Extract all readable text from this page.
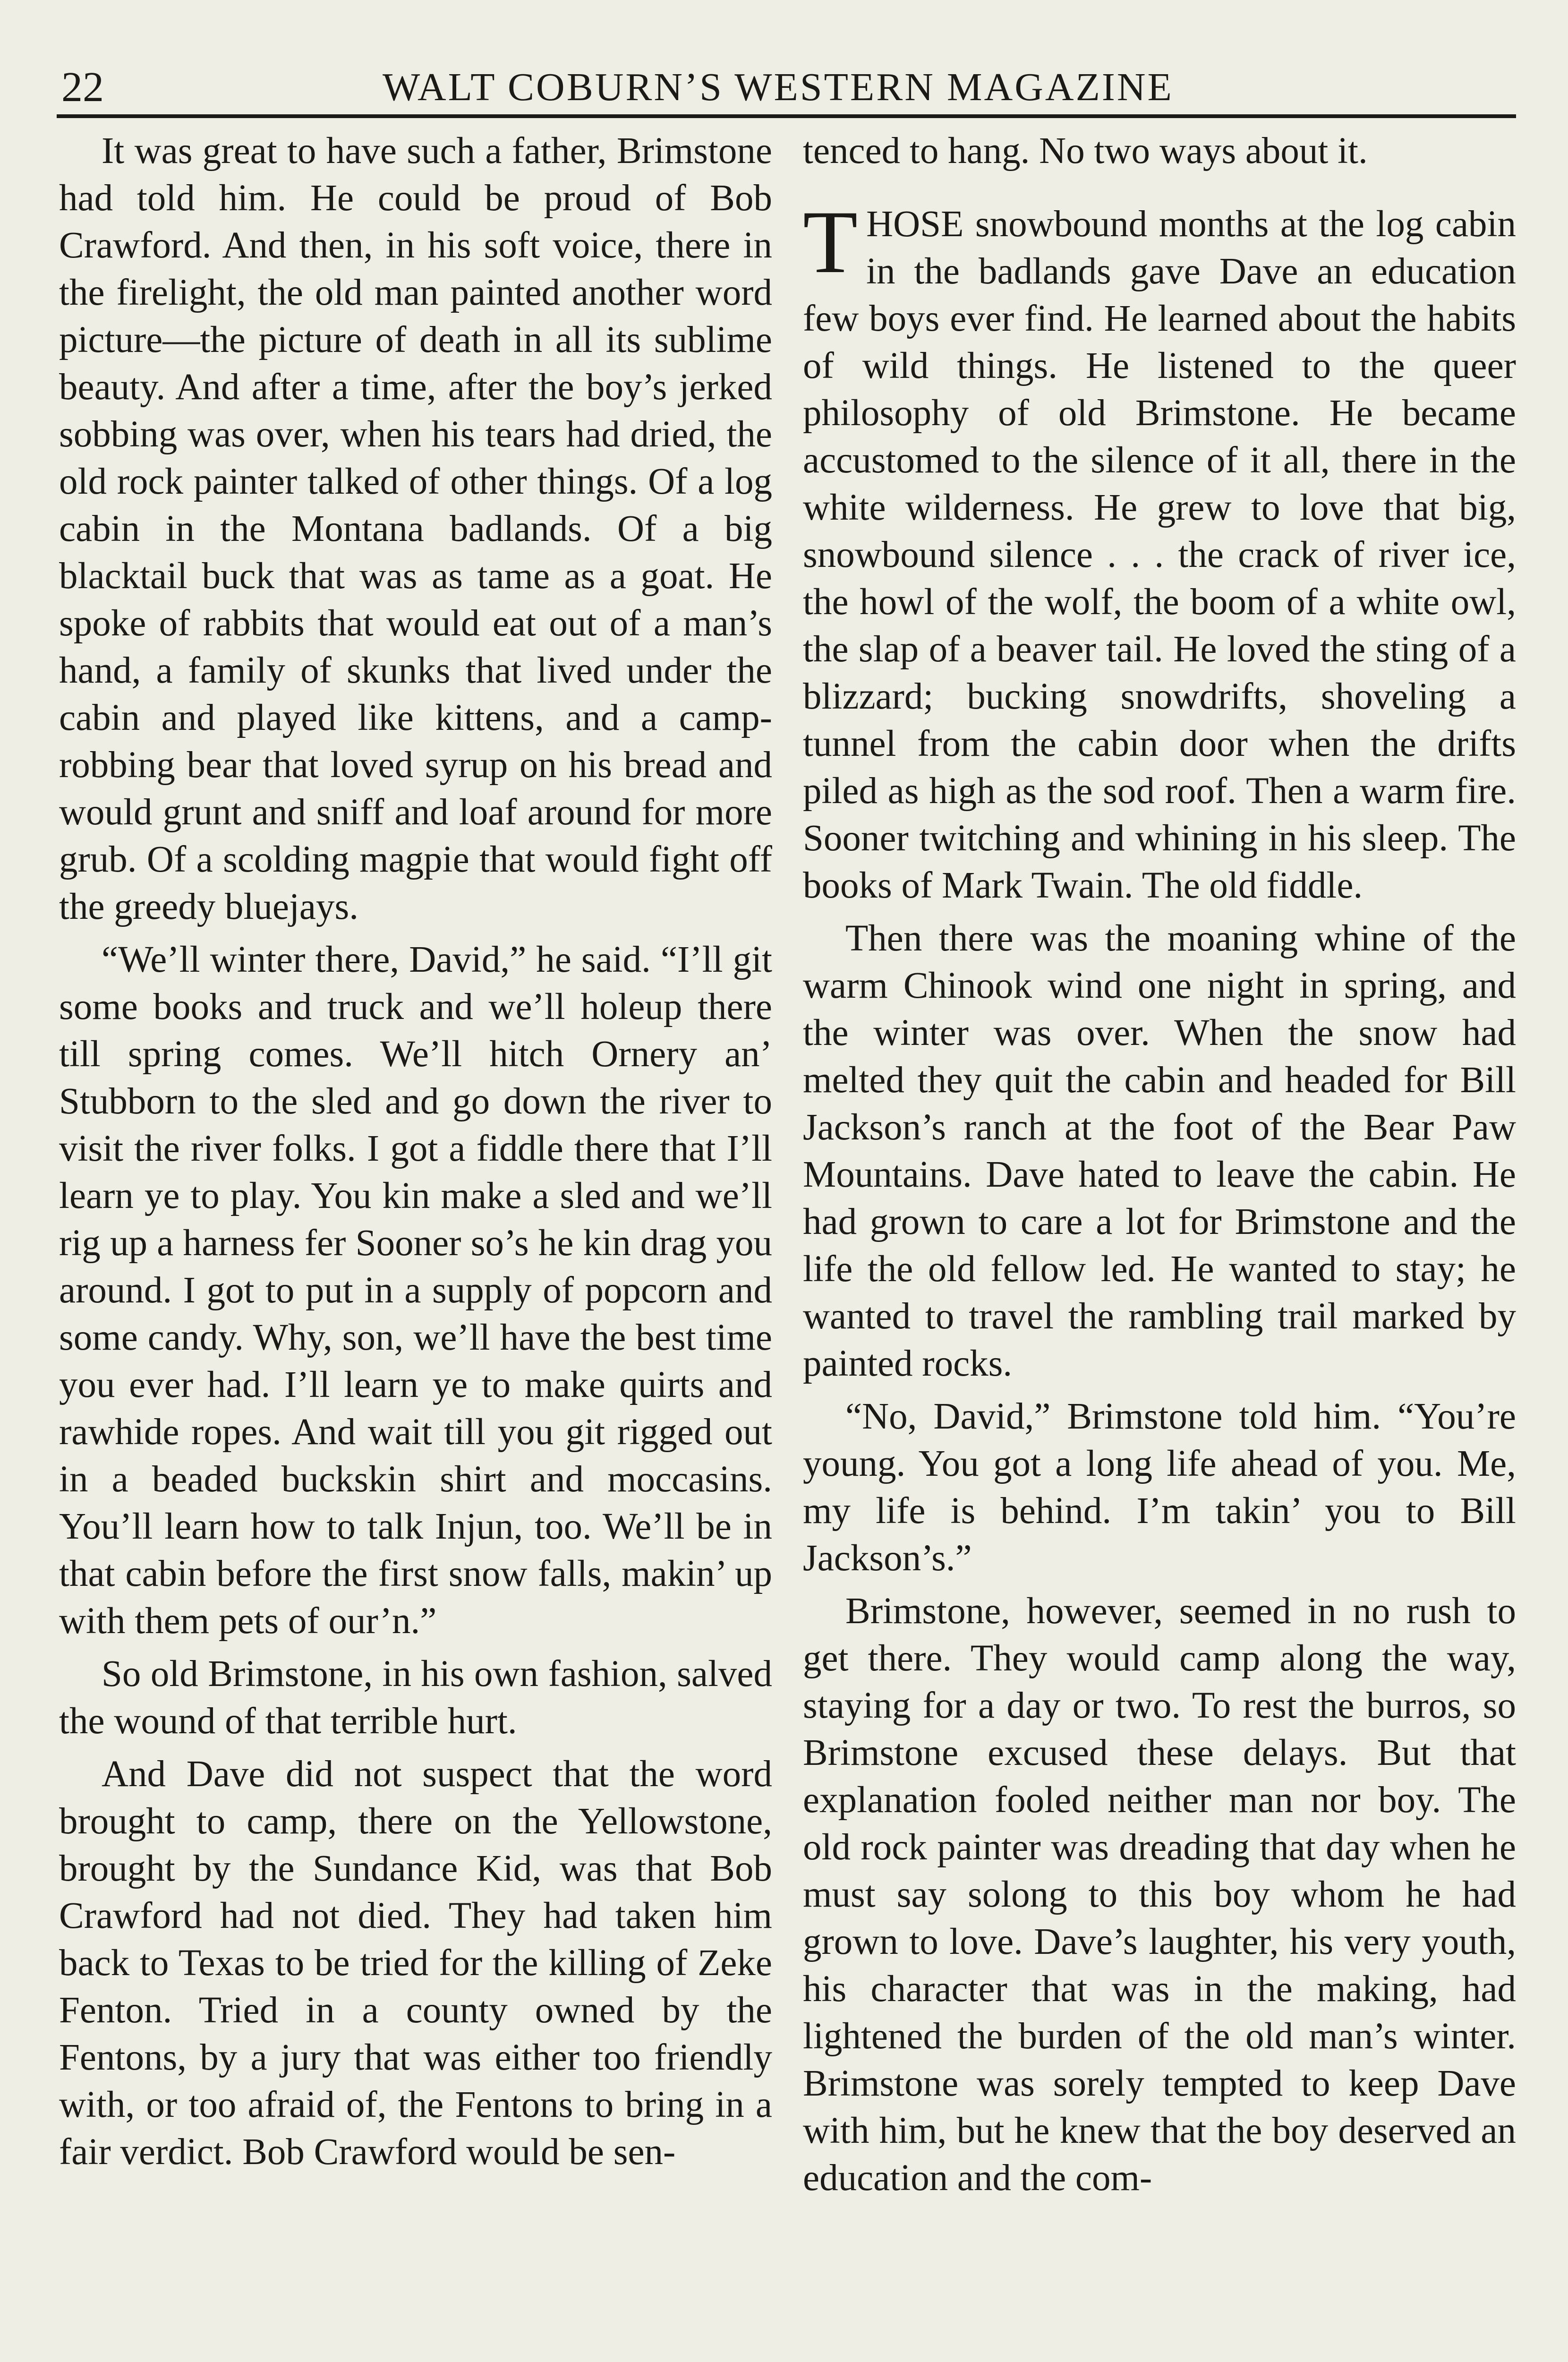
22	WALT COBURN’S WESTERN MAGAZINE

It was great to have such a father, Brimstone had told him. He could be proud of Bob Crawford. And then, in his soft voice, there in the firelight, the old man painted another word picture—the picture of death in all its sublime beauty. And after a time, after the boy’s jerked sobbing was over, when his tears had dried, the old rock painter talked of other things. Of a log cabin in the Montana badlands. Of a big blacktail buck that was as tame as a goat. He spoke of rabbits that would eat out of a man’s hand, a family of skunks that lived under the cabin and played like kittens, and a camp-robbing bear that loved syrup on his bread and would grunt and sniff and loaf around for more grub. Of a scolding magpie that would fight off the greedy bluejays.

“We’ll winter there, David,” he said. “I’ll git some books and truck and we’ll holeup there till spring comes. We’ll hitch Ornery an’ Stubborn to the sled and go down the river to visit the river folks. I got a fiddle there that I’ll learn ye to play. You kin make a sled and we’ll rig up a harness fer Sooner so’s he kin drag you around. I got to put in a supply of popcorn and some candy. Why, son, we’ll have the best time you ever had. I’ll learn ye to make quirts and rawhide ropes. And wait till you git rigged out in a beaded buckskin shirt and moccasins. You’ll learn how to talk Injun, too. We’ll be in that cabin before the first snow falls, makin’ up with them pets of our’n.”

So old Brimstone, in his own fashion, salved the wound of that terrible hurt.

And Dave did not suspect that the word brought to camp, there on the Yellowstone, brought by the Sundance Kid, was that Bob Crawford had not died. They had taken him back to Texas to be tried for the killing of Zeke Fenton. Tried in a county owned by the Fentons, by a jury that was either too friendly with, or too afraid of, the Fentons to bring in a fair verdict. Bob Crawford would be sen-

tenced to hang. No two ways about it.

THOSE snowbound months at the log cabin in the badlands gave Dave an education few boys ever find. He learned about the habits of wild things. He listened to the queer philosophy of old Brimstone. He became accustomed to the silence of it all, there in the white wilderness. He grew to love that big, snowbound silence . . . the crack of river ice, the howl of the wolf, the boom of a white owl, the slap of a beaver tail. He loved the sting of a blizzard; bucking snowdrifts, shoveling a tunnel from the cabin door when the drifts piled as high as the sod roof. Then a warm fire. Sooner twitching and whining in his sleep. The books of Mark Twain. The old fiddle.

Then there was the moaning whine of the warm Chinook wind one night in spring, and the winter was over. When the snow had melted they quit the cabin and headed for Bill Jackson’s ranch at the foot of the Bear Paw Mountains. Dave hated to leave the cabin. He had grown to care a lot for Brimstone and the life the old fellow led. He wanted to stay; he wanted to travel the rambling trail marked by painted rocks.

“No, David,” Brimstone told him. “You’re young. You got a long life ahead of you. Me, my life is behind. I’m takin’ you to Bill Jackson’s.”

Brimstone, however, seemed in no rush to get there. They would camp along the way, staying for a day or two. To rest the burros, so Brimstone excused these delays. But that explanation fooled neither man nor boy. The old rock painter was dreading that day when he must say solong to this boy whom he had grown to love. Dave’s laughter, his very youth, his character that was in the making, had lightened the burden of the old man’s winter. Brimstone was sorely tempted to keep Dave with him, but he knew that the boy deserved an education and the com-
